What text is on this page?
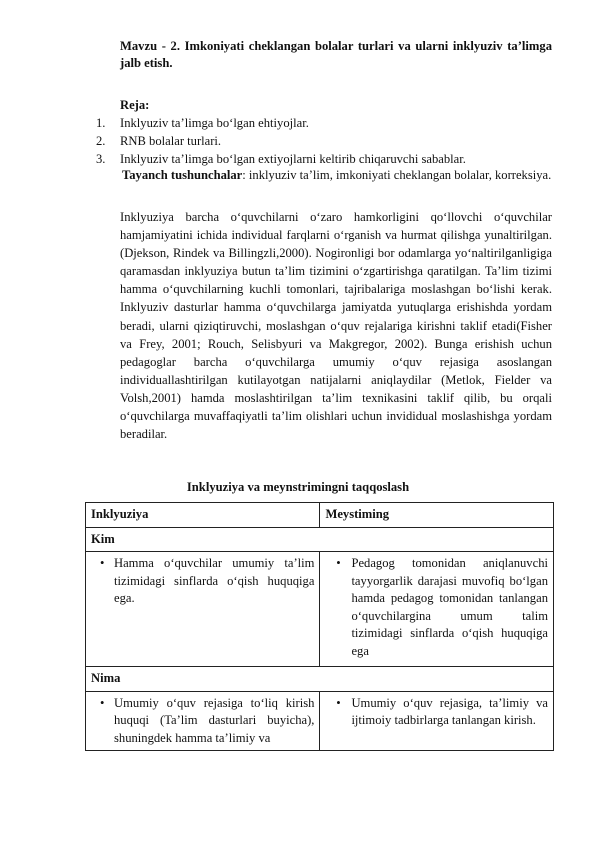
Mavzu - 2. Imkoniyati cheklangan bolalar turlari va ularni inklyuziv ta’limga jalb etish.
Reja:
1. Inklyuziv ta’limga bo‘lgan ehtiyojlar.
2. RNB bolalar turlari.
3. Inklyuziv ta’limga bo‘lgan extiyojlarni keltirib chiqaruvchi sabablar.
Tayanch tushunchalar: inklyuziv ta’lim, imkoniyati cheklangan bolalar, korreksiya.
Inklyuziya barcha o‘quvchilarni o‘zaro hamkorligini qo‘llovchi o‘quvchilar hamjamiyatini ichida individual farqlarni o‘rganish va hurmat qilishga yunaltirilgan. (Djekson, Rindek va Billingzli,2000). Nogironligi bor odamlarga yo‘naltirilganligiga qaramasdan inklyuziya butun ta’lim tizimini o‘zgartirishga qaratilgan. Ta’lim tizimi hamma o‘quvchilarning kuchli tomonlari, tajribalariga moslashgan bo‘lishi kerak. Inklyuziv dasturlar hamma o‘quvchilarga jamiyatda yutuqlarga erishishda yordam beradi, ularni qiziqtiruvchi, moslashgan o‘quv rejalariga kirishni taklif etadi(Fisher va Frey, 2001; Rouch, Selisbyuri va Makgregor, 2002). Bunga erishish uchun pedagoglar barcha o‘quvchilarga umumiy o‘quv rejasiga asoslangan individuallashtirilgan kutilayotgan natijalarni aniqlaydilar (Metlok, Fielder va Volsh,2001) hamda moslashtirilgan ta’lim texnikasini taklif qilib, bu orqali o‘quvchilarga muvaffaqiyatli ta’lim olishlari uchun invididual moslashishga yordam beradilar.
Inklyuziya va meynstrimingni taqqoslash
Inklyuziya	Meystiming
Kim	

• Hamma o‘quvchilar umumiy ta’lim tizimidagi sinflarda o‘qish huquqiga ega.	• Pedagog tomonidan aniqlanuvchi tayyorgarlik darajasi muvofiq bo‘lgan hamda pedagog tomonidan tanlangan o‘quvchilargina umum talim tizimidagi sinflarda o‘qish huquqiga ega

Nima	

• Umumiy o‘quv rejasiga to‘liq kirish huquqi (Ta’lim dasturlari buyicha), shuningdek hamma ta’limiy va	• Umumiy o‘quv rejasiga, ta’limiy va ijtimoiy tadbirlarga tanlangan kirish.
